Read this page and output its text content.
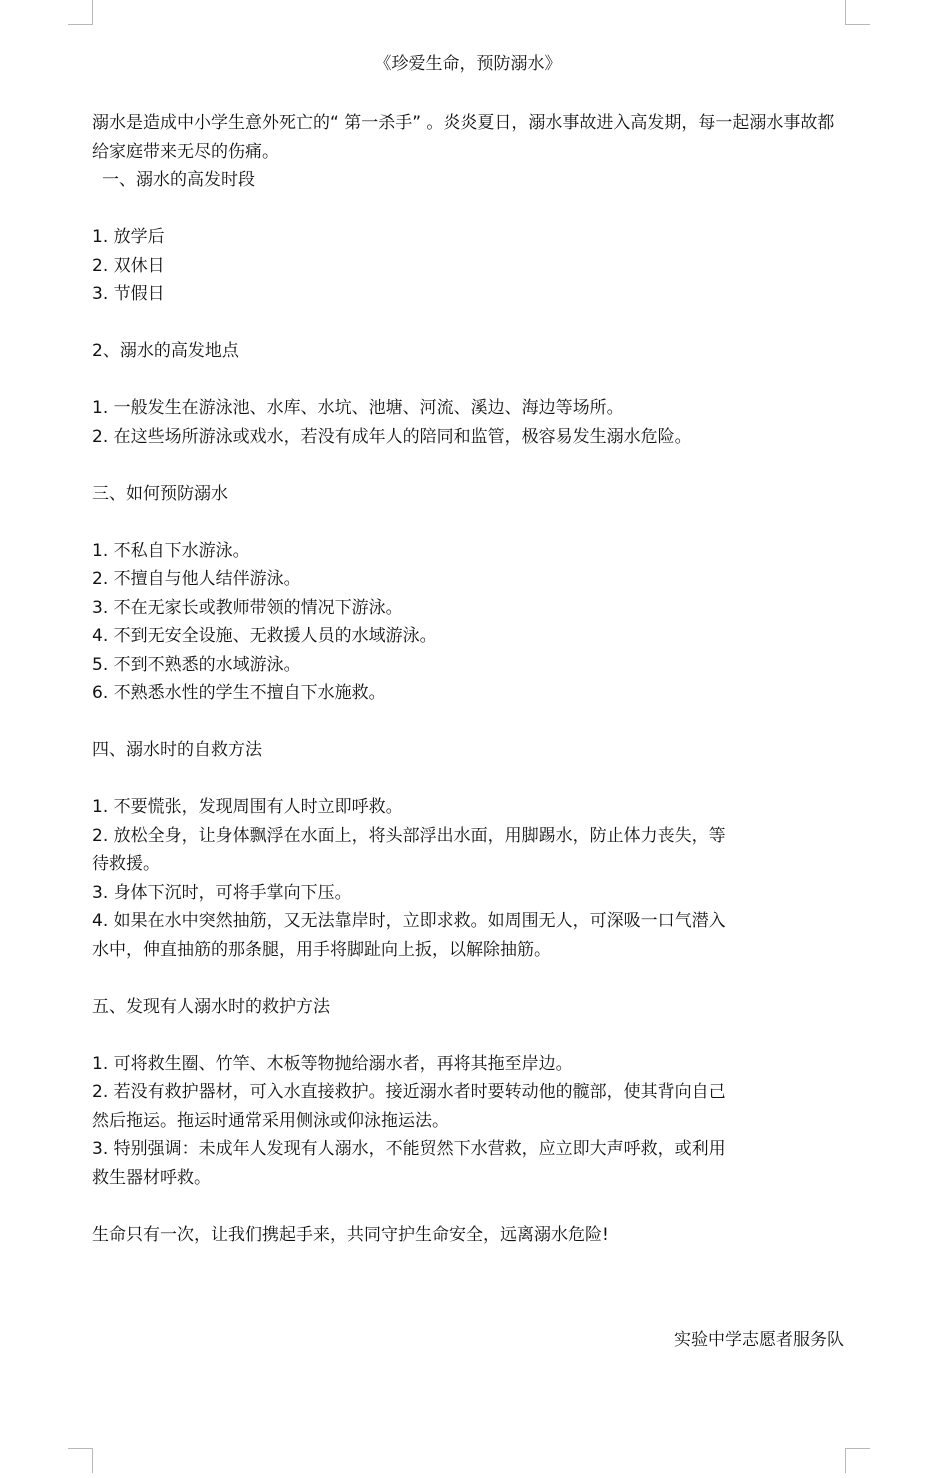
《珍爱生命，预防溺水》

溺水是造成中小学生意外死亡的“ 第一杀手” 。炎炎夏日，溺水事故进入高发期，每一起溺水事故都给家庭带来无尽的伤痛。

一、溺水的高发时段

1. 放学后

2. 双休日

3. 节假日

2、溺水的高发地点

1. 一般发生在游泳池、水库、水坑、池塘、河流、溪边、海边等场所。

2. 在这些场所游泳或戏水，若没有成年人的陪同和监管，极容易发生溺水危险。

三、如何预防溺水

1. 不私自下水游泳。

2. 不擅自与他人结伴游泳。

3. 不在无家长或教师带领的情况下游泳。

4. 不到无安全设施、无救援人员的水域游泳。

5. 不到不熟悉的水域游泳。

6. 不熟悉水性的学生不擅自下水施救。

四、溺水时的自救方法

1. 不要慌张，发现周围有人时立即呼救。

2. 放松全身，让身体飘浮在水面上，将头部浮出水面，用脚踢水，防止体力丧失，等

待救援。

3. 身体下沉时，可将手掌向下压。

4. 如果在水中突然抽筋，又无法靠岸时，立即求救。如周围无人，可深吸一口气潜入

水中，伸直抽筋的那条腿，用手将脚趾向上扳，以解除抽筋。

五、发现有人溺水时的救护方法

1. 可将救生圈、竹竿、木板等物抛给溺水者，再将其拖至岸边。

2. 若没有救护器材，可入水直接救护。接近溺水者时要转动他的髋部，使其背向自己

然后拖运。拖运时通常采用侧泳或仰泳拖运法。

3. 特别强调：未成年人发现有人溺水，不能贸然下水营救，应立即大声呼救，或利用

救生器材呼救。

生命只有一次，让我们携起手来，共同守护生命安全，远离溺水危险!

实验中学志愿者服务队
